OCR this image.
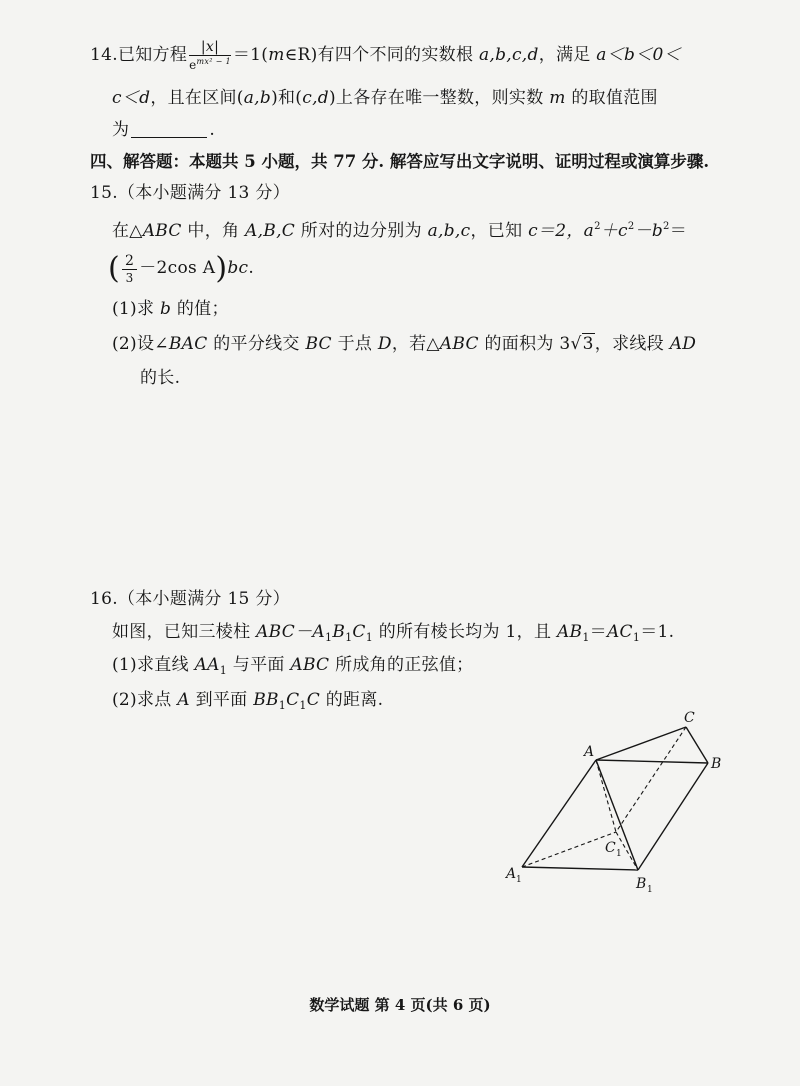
14.已知方程 $\frac{|x|}{e^{mx^2 - 1}}$ ＝1(m∈R)有四个不同的实数根 a,b,c,d，满足 a＜b＜0＜
c＜d，且在区间(a,b)和(c,d)上各存在唯一整数，则实数 m 的取值范围
为	.
四、解答题：本题共 5 小题，共 77 分. 解答应写出文字说明、证明过程或演算步骤.
15.（本小题满分 13 分）
在△ABC 中，角 A,B,C 所对的边分别为 a,b,c，已知 c＝2，$a^2+c^2-b^2=$
( $\frac{2}{3} -2\cos$ A)bc.
(1)求 b 的值；
(2)设∠BAC 的平分线交 BC 于点 D，若△ABC 的面积为 3√3，求线段 AD
的长.
16.（本小题满分 15 分）
如图，已知三棱柱 $ABC-A_1B_1C_1$ 的所有棱长均为 1，且 $AB_1=AC_1=1$.
(1)求直线 $AA_1$ 与平面 ABC 所成角的正弦值；
(2)求点 A 到平面 $BB_1C_1C$ 的距离.
A
C
B
C 1
A 1	B 1
数学试题 第 4 页(共 6 页)
